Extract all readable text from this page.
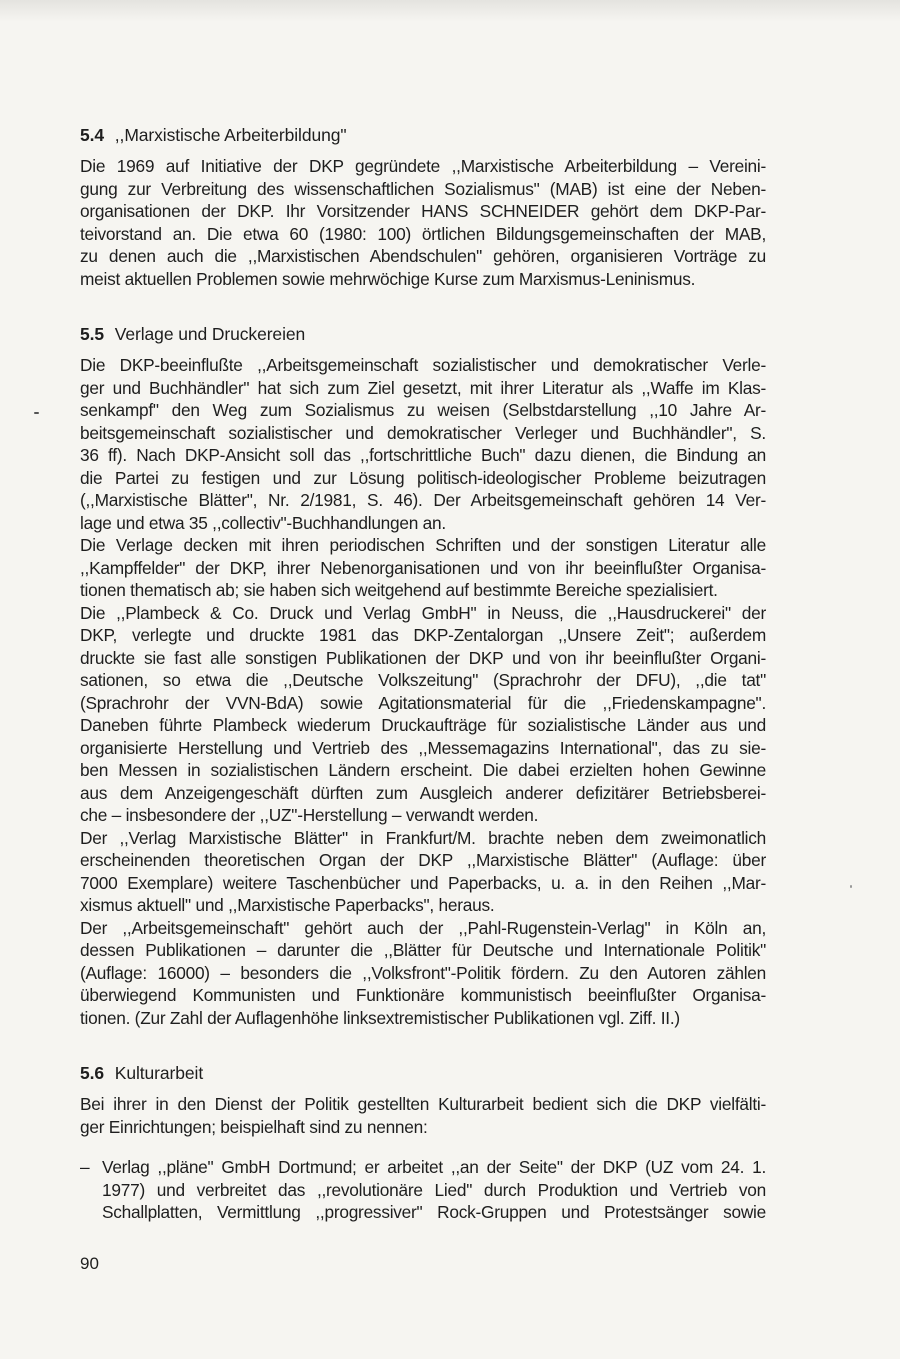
5.4 ,,Marxistische Arbeiterbildung"

Die 1969 auf Initiative der DKP gegründete ,,Marxistische Arbeiterbildung – Vereini-
gung zur Verbreitung des wissenschaftlichen Sozialismus" (MAB) ist eine der Neben-
organisationen der DKP. Ihr Vorsitzender HANS SCHNEIDER gehört dem DKP-Par-
teivorstand an. Die etwa 60 (1980: 100) örtlichen Bildungsgemeinschaften der MAB,
zu denen auch die ,,Marxistischen Abendschulen" gehören, organisieren Vorträge zu
meist aktuellen Problemen sowie mehrwöchige Kurse zum Marxismus-Leninismus.

5.5 Verlage und Druckereien

Die DKP-beeinflußte ,,Arbeitsgemeinschaft sozialistischer und demokratischer Verle-
ger und Buchhändler" hat sich zum Ziel gesetzt, mit ihrer Literatur als ,,Waffe im Klas-
senkampf" den Weg zum Sozialismus zu weisen (Selbstdarstellung ,,10 Jahre Ar-
beitsgemeinschaft sozialistischer und demokratischer Verleger und Buchhändler", S.
36 ff). Nach DKP-Ansicht soll das ,,fortschrittliche Buch" dazu dienen, die Bindung an
die Partei zu festigen und zur Lösung politisch-ideologischer Probleme beizutragen
(,,Marxistische Blätter", Nr. 2/1981, S. 46). Der Arbeitsgemeinschaft gehören 14 Ver-
lage und etwa 35 ,,collectiv"-Buchhandlungen an.

Die Verlage decken mit ihren periodischen Schriften und der sonstigen Literatur alle
,,Kampffelder" der DKP, ihrer Nebenorganisationen und von ihr beeinflußter Organisa-
tionen thematisch ab; sie haben sich weitgehend auf bestimmte Bereiche spezialisiert.

Die ,,Plambeck & Co. Druck und Verlag GmbH" in Neuss, die ,,Hausdruckerei" der
DKP, verlegte und druckte 1981 das DKP-Zentalorgan ,,Unsere Zeit"; außerdem
druckte sie fast alle sonstigen Publikationen der DKP und von ihr beeinflußter Organi-
sationen, so etwa die ,,Deutsche Volkszeitung" (Sprachrohr der DFU), ,,die tat"
(Sprachrohr der VVN-BdA) sowie Agitationsmaterial für die ,,Friedenskampagne".
Daneben führte Plambeck wiederum Druckaufträge für sozialistische Länder aus und
organisierte Herstellung und Vertrieb des ,,Messemagazins International", das zu sie-
ben Messen in sozialistischen Ländern erscheint. Die dabei erzielten hohen Gewinne
aus dem Anzeigengeschäft dürften zum Ausgleich anderer defizitärer Betriebsberei-
che – insbesondere der ,,UZ"-Herstellung – verwandt werden.

Der ,,Verlag Marxistische Blätter" in Frankfurt/M. brachte neben dem zweimonatlich
erscheinenden theoretischen Organ der DKP ,,Marxistische Blätter" (Auflage: über
7000 Exemplare) weitere Taschenbücher und Paperbacks, u. a. in den Reihen ,,Mar-
xismus aktuell" und ,,Marxistische Paperbacks", heraus.

Der ,,Arbeitsgemeinschaft" gehört auch der ,,Pahl-Rugenstein-Verlag" in Köln an,
dessen Publikationen – darunter die ,,Blätter für Deutsche und Internationale Politik"
(Auflage: 16000) – besonders die ,,Volksfront"-Politik fördern. Zu den Autoren zählen
überwiegend Kommunisten und Funktionäre kommunistisch beeinflußter Organisa-
tionen. (Zur Zahl der Auflagenhöhe linksextremistischer Publikationen vgl. Ziff. II.)

5.6 Kulturarbeit

Bei ihrer in den Dienst der Politik gestellten Kulturarbeit bedient sich die DKP vielfälti-
ger Einrichtungen; beispielhaft sind zu nennen:

– Verlag ,,pläne" GmbH Dortmund; er arbeitet ,,an der Seite" der DKP (UZ vom 24. 1.
1977) und verbreitet das ,,revolutionäre Lied" durch Produktion und Vertrieb von
Schallplatten, Vermittlung ,,progressiver" Rock-Gruppen und Protestsänger sowie
90
